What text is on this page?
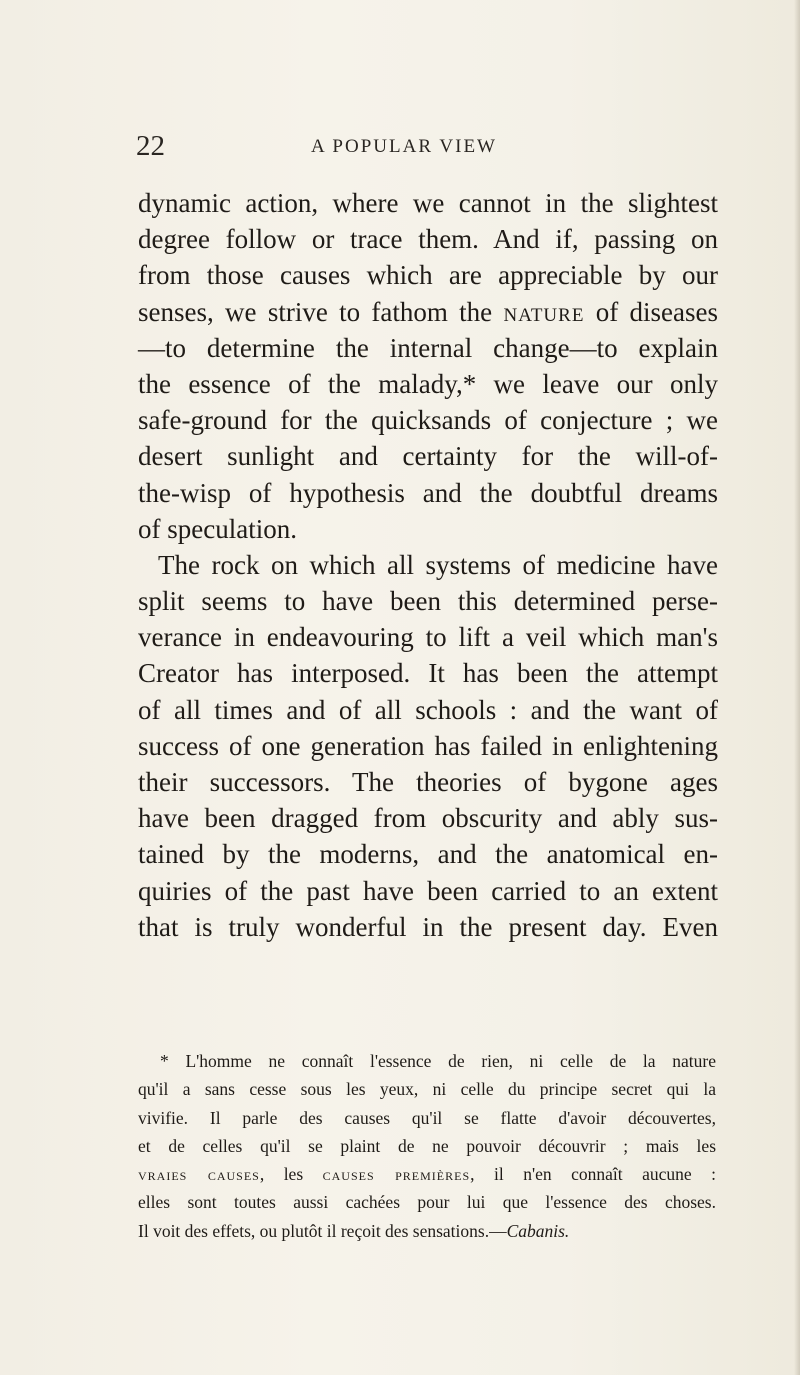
22	A POPULAR VIEW
dynamic action, where we cannot in the slightest
degree follow or trace them. And if, passing on
from those causes which are appreciable by our
senses, we strive to fathom the nature of diseases
—to determine the internal change—to explain
the essence of the malady,* we leave our only
safe-ground for the quicksands of conjecture ; we
desert sunlight and certainty for the will-of-
the-wisp of hypothesis and the doubtful dreams
of speculation.
The rock on which all systems of medicine have
split seems to have been this determined perse-
verance in endeavouring to lift a veil which man's
Creator has interposed. It has been the attempt
of all times and of all schools : and the want of
success of one generation has failed in enlightening
their successors. The theories of bygone ages
have been dragged from obscurity and ably sus-
tained by the moderns, and the anatomical en-
quiries of the past have been carried to an extent
that is truly wonderful in the present day. Even
* L'homme ne connaît l'essence de rien, ni celle de la nature
qu'il a sans cesse sous les yeux, ni celle du principe secret qui la
vivifie. Il parle des causes qu'il se flatte d'avoir découvertes,
et de celles qu'il se plaint de ne pouvoir découvrir ; mais les
vraies causes, les causes premières, il n'en connaît aucune :
elles sont toutes aussi cachées pour lui que l'essence des choses.
Il voit des effets, ou plutôt il reçoit des sensations.—Cabanis.
